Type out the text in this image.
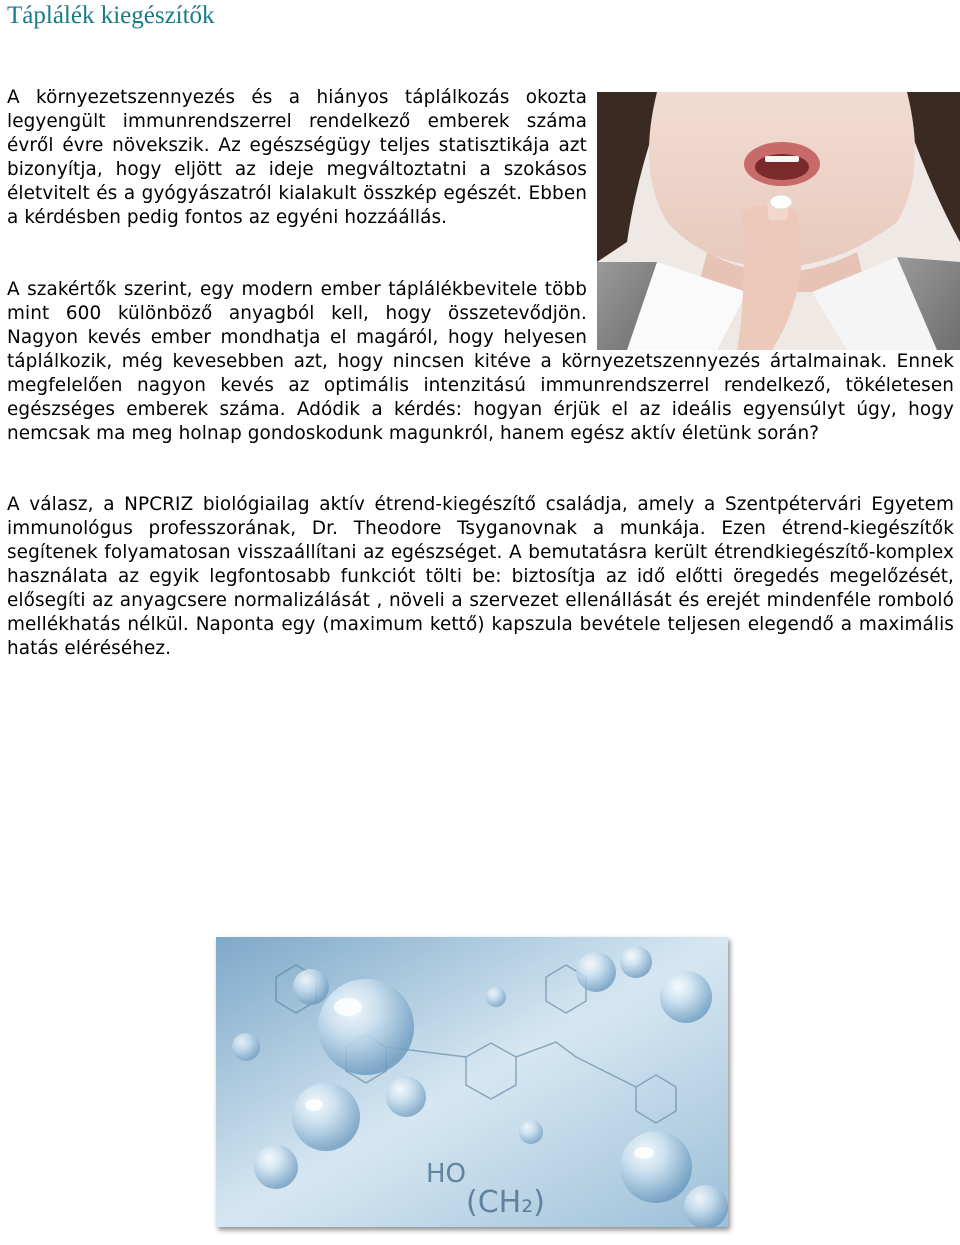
Táplálék kiegészítők

A környezetszennyezés és a hiányos táplálkozás okozta legyengült immunrendszerrel rendelkező emberek száma évről évre növekszik. Az egészségügy teljes statisztikája azt bizonyítja, hogy eljött az ideje megváltoztatni a szokásos életvitelt és a gyógyászatról kialakult összkép egészét. Ebben a kérdésben pedig fontos az egyéni hozzáállás.

A szakértők szerint, egy modern ember táplálékbevitele több mint 600 különböző anyagból kell, hogy összetevődjön. Nagyon kevés ember mondhatja el magáról, hogy helyesen táplálkozik, még kevesebben azt, hogy nincsen kitéve a környezetszennyezés ártalmainak. Ennek megfelelően nagyon kevés az optimális intenzitású immunrendszerrel rendelkező, tökéletesen egészséges emberek száma. Adódik a kérdés: hogyan érjük el az ideális egyensúlyt úgy, hogy nemcsak ma meg holnap gondoskodunk magunkról, hanem egész aktív életünk során?

A válasz, a NPCRIZ biológiailag aktív étrend-kiegészítő családja, amely a Szentpétervári Egyetem immunológus professzorának, Dr. Theodore Tsyganovnak a munkája. Ezen étrend-kiegészítők segítenek folyamatosan visszaállítani az egészséget. A bemutatásra került étrendkiegészítő-komplex használata az egyik legfontosabb funkciót tölti be: biztosítja az idő előtti öregedés megelőzését, elősegíti az anyagcsere normalizálását , növeli a szervezet ellenállását és erejét mindenféle romboló mellékhatás nélkül. Naponta egy (maximum kettő) kapszula bevétele teljesen elegendő a maximális hatás eléréséhez.

HO
(CH₂)
